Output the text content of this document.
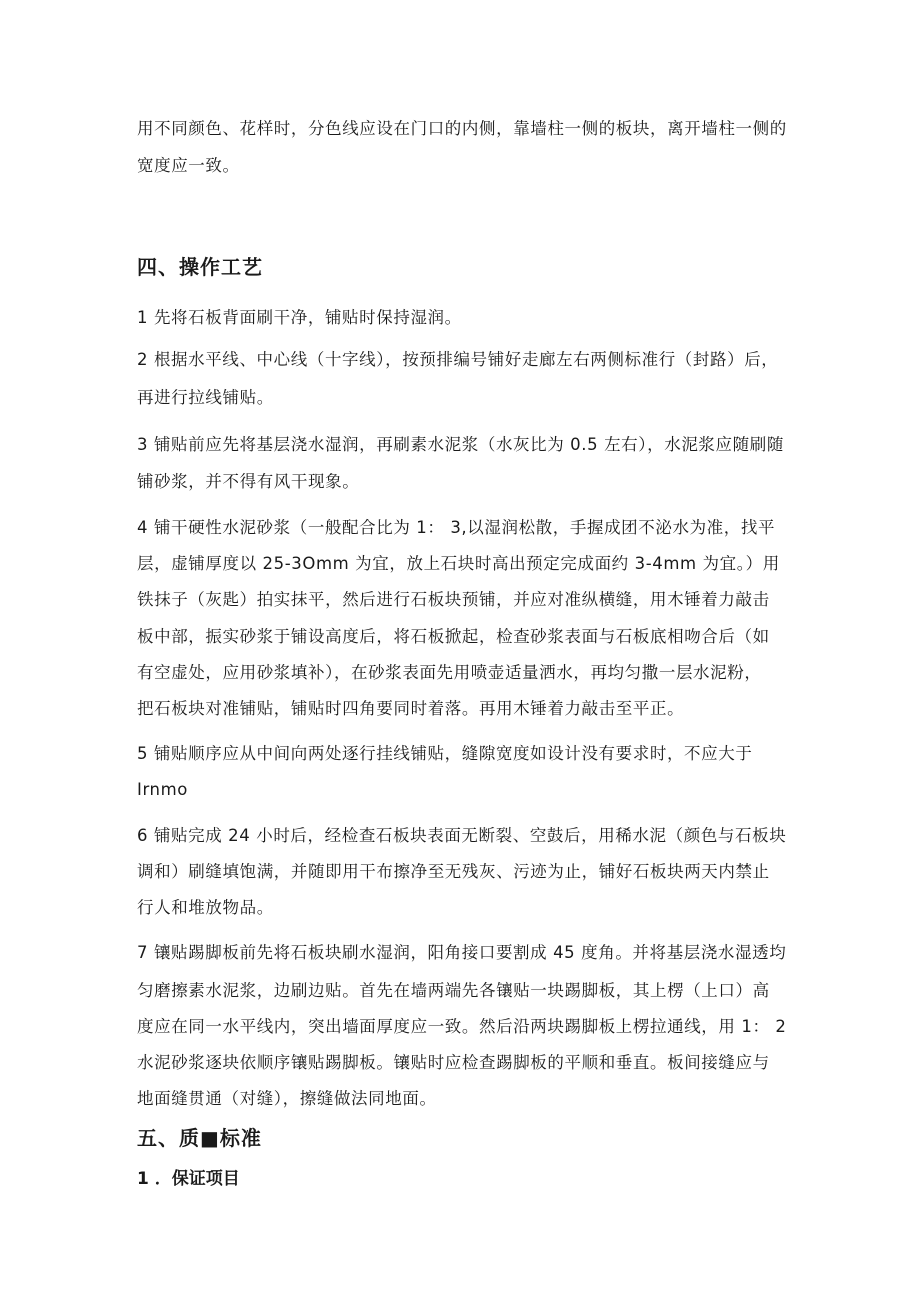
用不同颜色、花样时，分色线应设在门口的内侧，靠墙柱一侧的板块，离开墙柱一侧的
宽度应一致。
四、操作工艺
1 先将石板背面刷干净，铺贴时保持湿润。
2 根据水平线、中心线（十字线），按预排编号铺好走廊左右两侧标准行（封路）后，
再进行拉线铺贴。
3 铺贴前应先将基层浇水湿润，再刷素水泥浆（水灰比为 0.5 左右），水泥浆应随刷随
铺砂浆，并不得有风干现象。
4 铺干硬性水泥砂浆（一般配合比为 1： 3,以湿润松散，手握成团不泌水为准，找平
层，虚铺厚度以 25-3Omm 为宜，放上石块时高出预定完成面约 3-4mm 为宜。）用
铁抹子（灰匙）拍实抹平，然后进行石板块预铺，并应对准纵横缝，用木锤着力敲击
板中部，振实砂浆于铺设高度后，将石板掀起，检查砂浆表面与石板底相吻合后（如
有空虚处，应用砂浆填补），在砂浆表面先用喷壶适量洒水，再均匀撒一层水泥粉，
把石板块对准铺贴，铺贴时四角要同时着落。再用木锤着力敲击至平正。
5 铺贴顺序应从中间向两处逐行挂线铺贴，缝隙宽度如设计没有要求时，不应大于
Irnmo
6 铺贴完成 24 小时后，经检查石板块表面无断裂、空鼓后，用稀水泥（颜色与石板块
调和）刷缝填饱满，并随即用干布擦净至无残灰、污迹为止，铺好石板块两天内禁止
行人和堆放物品。
7 镶贴踢脚板前先将石板块刷水湿润，阳角接口要割成 45 度角。并将基层浇水湿透均
匀磨擦素水泥浆，边刷边贴。首先在墙两端先各镶贴一块踢脚板，其上楞（上口）高
度应在同一水平线内，突出墙面厚度应一致。然后沿两块踢脚板上楞拉通线，用 1： 2
水泥砂浆逐块依顺序镶贴踢脚板。镶贴时应检查踢脚板的平顺和垂直。板间接缝应与
地面缝贯通（对缝），擦缝做法同地面。
五、质■标准
1 ．保证项目
